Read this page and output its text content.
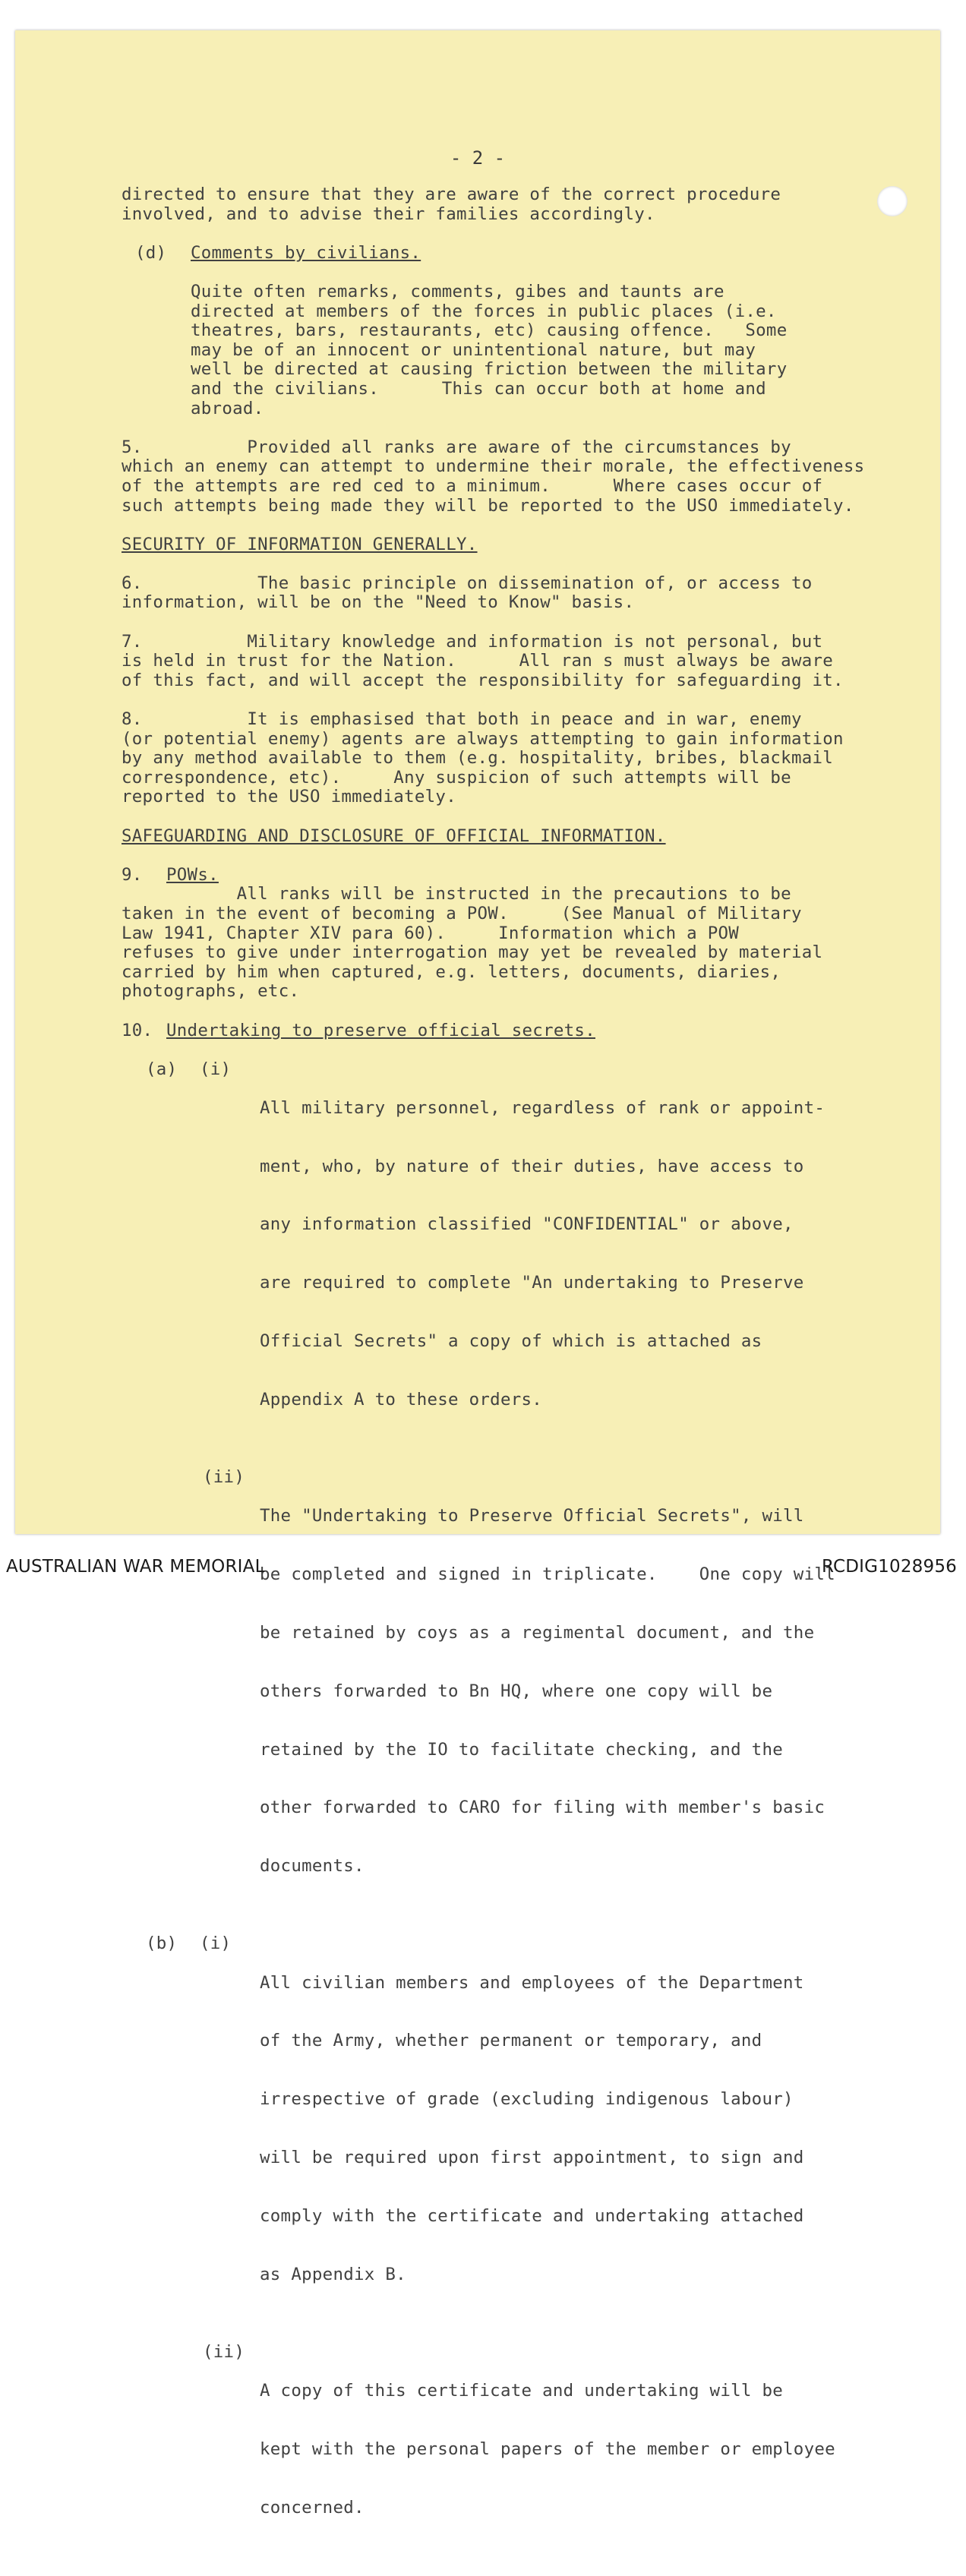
- 2 -
directed to ensure that they are aware of the correct procedure
involved, and to advise their families accordingly.
(d)	Comments by civilians.
Quite often remarks, comments, gibes and taunts are
directed at members of the forces in public places (i.e.
theatres, bars, restaurants, etc) causing offence.   Some
may be of an innocent or unintentional nature, but may
well be directed at causing friction between the military
and the civilians.      This can occur both at home and
abroad.
5.          Provided all ranks are aware of the circumstances by
which an enemy can attempt to undermine their morale, the effectiveness
of the attempts are red ced to a minimum.      Where cases occur of
such attempts being made they will be reported to the USO immediately.
SECURITY OF INFORMATION GENERALLY.
6.           The basic principle on dissemination of, or access to
information, will be on the "Need to Know" basis.
7.          Military knowledge and information is not personal, but
is held in trust for the Nation.      All ran s must always be aware
of this fact, and will accept the responsibility for safeguarding it.
8.          It is emphasised that both in peace and in war, enemy
(or potential enemy) agents are always attempting to gain information
by any method available to them (e.g. hospitality, bribes, blackmail
correspondence, etc).     Any suspicion of such attempts will be
reported to the USO immediately.
SAFEGUARDING AND DISCLOSURE OF OFFICIAL INFORMATION.
9.	POWs.
All ranks will be instructed in the precautions to be
taken in the event of becoming a POW.     (See Manual of Military
Law 1941, Chapter XIV para 60).     Information which a POW
refuses to give under interrogation may yet be revealed by material
carried by him when captured, e.g. letters, documents, diaries,
photographs, etc.
10. Undertaking to preserve official secrets.
(a)	(i)

All military personnel, regardless of rank or appoint-

ment, who, by nature of their duties, have access to

any information classified "CONFIDENTIAL" or above,

are required to complete "An undertaking to Preserve

Official Secrets" a copy of which is attached as

Appendix A to these orders.

(ii)

The "Undertaking to Preserve Official Secrets", will

be completed and signed in triplicate.    One copy will

be retained by coys as a regimental document, and the

others forwarded to Bn HQ, where one copy will be

retained by the IO to facilitate checking, and the

other forwarded to CARO for filing with member's basic

documents.

(b)	(i)

All civilian members and employees of the Department

of the Army, whether permanent or temporary, and

irrespective of grade (excluding indigenous labour)

will be required upon first appointment, to sign and

comply with the certificate and undertaking attached

as Appendix B.

(ii)

A copy of this certificate and undertaking will be

kept with the personal papers of the member or employee

concerned.

AUSTRALIAN WAR MEMORIAL	RCDIG1028956
